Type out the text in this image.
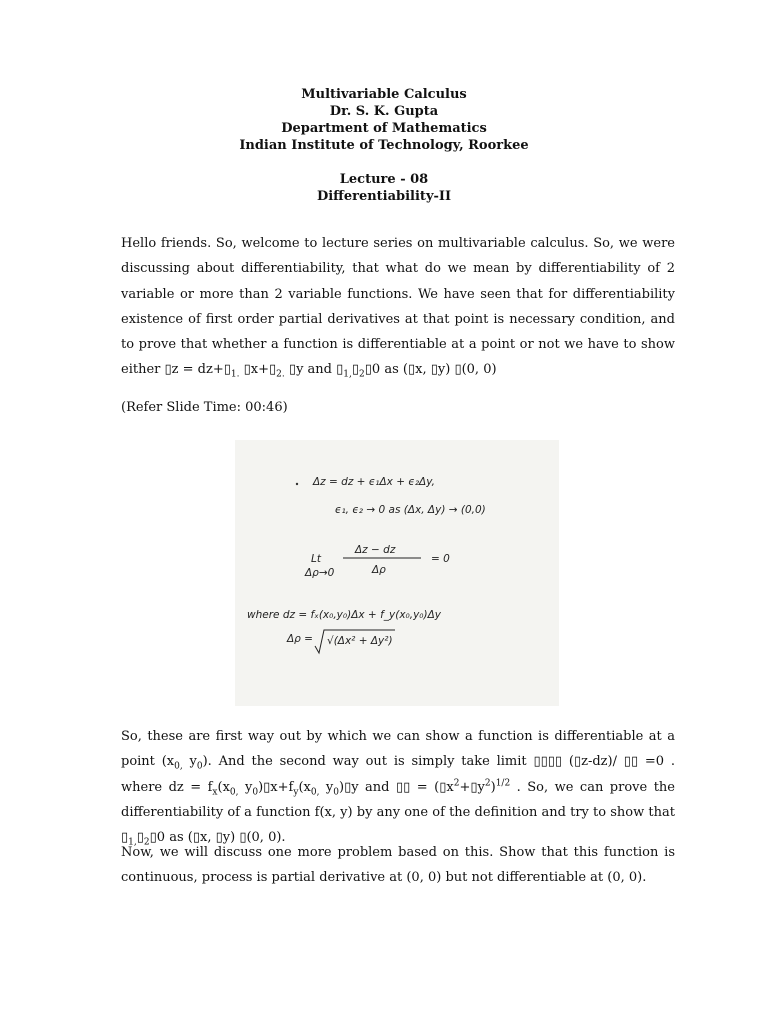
Multivariable Calculus
Dr. S. K. Gupta
Department of Mathematics
Indian Institute of Technology, Roorkee
Lecture - 08
Differentiability-II
Hello friends. So, welcome to lecture series on multivariable calculus. So, we were discussing about differentiability, that what do we mean by differentiability of 2 variable or more than 2 variable functions. We have seen that for differentiability existence of first order partial derivatives at that point is necessary condition, and to prove that whether a function is differentiable at a point or not we have to show either ▯z = $dz+▯_{1.}$ $▯x+▯_{2.}$ ▯y and $▯_{1,}▯_2▯0$ as (▯x, ▯y) ▯(0, 0)
(Refer Slide Time: 00:46)
Δz = dz + ϵ₁Δx + ϵ₂Δy,
ϵ₁, ϵ₂ → 0 as (Δx, Δy) → (0,0)
Lt
Δρ→0
Δz − dz
Δρ
= 0
where dz = fₓ(x₀,y₀)Δx + f_y(x₀,y₀)Δy
Δρ = √(Δx² + Δy²)
So, these are first way out by which we can show a function is differentiable at a point ($x_{0,}$ $y_0$). And the second way out is simply take limit ▯▯▯▯ (▯z-dz)/ ▯▯ =0 . where dz = $f_x(x_{0,}$ $y_0)▯x+f_y(x_{0,}$ $y_0)▯y$ and ▯▯ = $(▯x^2+▯y^2)^{1/2}$ . So, we can prove the differentiability of a function f(x, y) by any one of the definition and try to show that $▯_{1,}▯_2▯0$ as (▯x, ▯y) ▯(0, 0).
Now, we will discuss one more problem based on this. Show that this function is continuous, process is partial derivative at (0, 0) but not differentiable at (0, 0).
